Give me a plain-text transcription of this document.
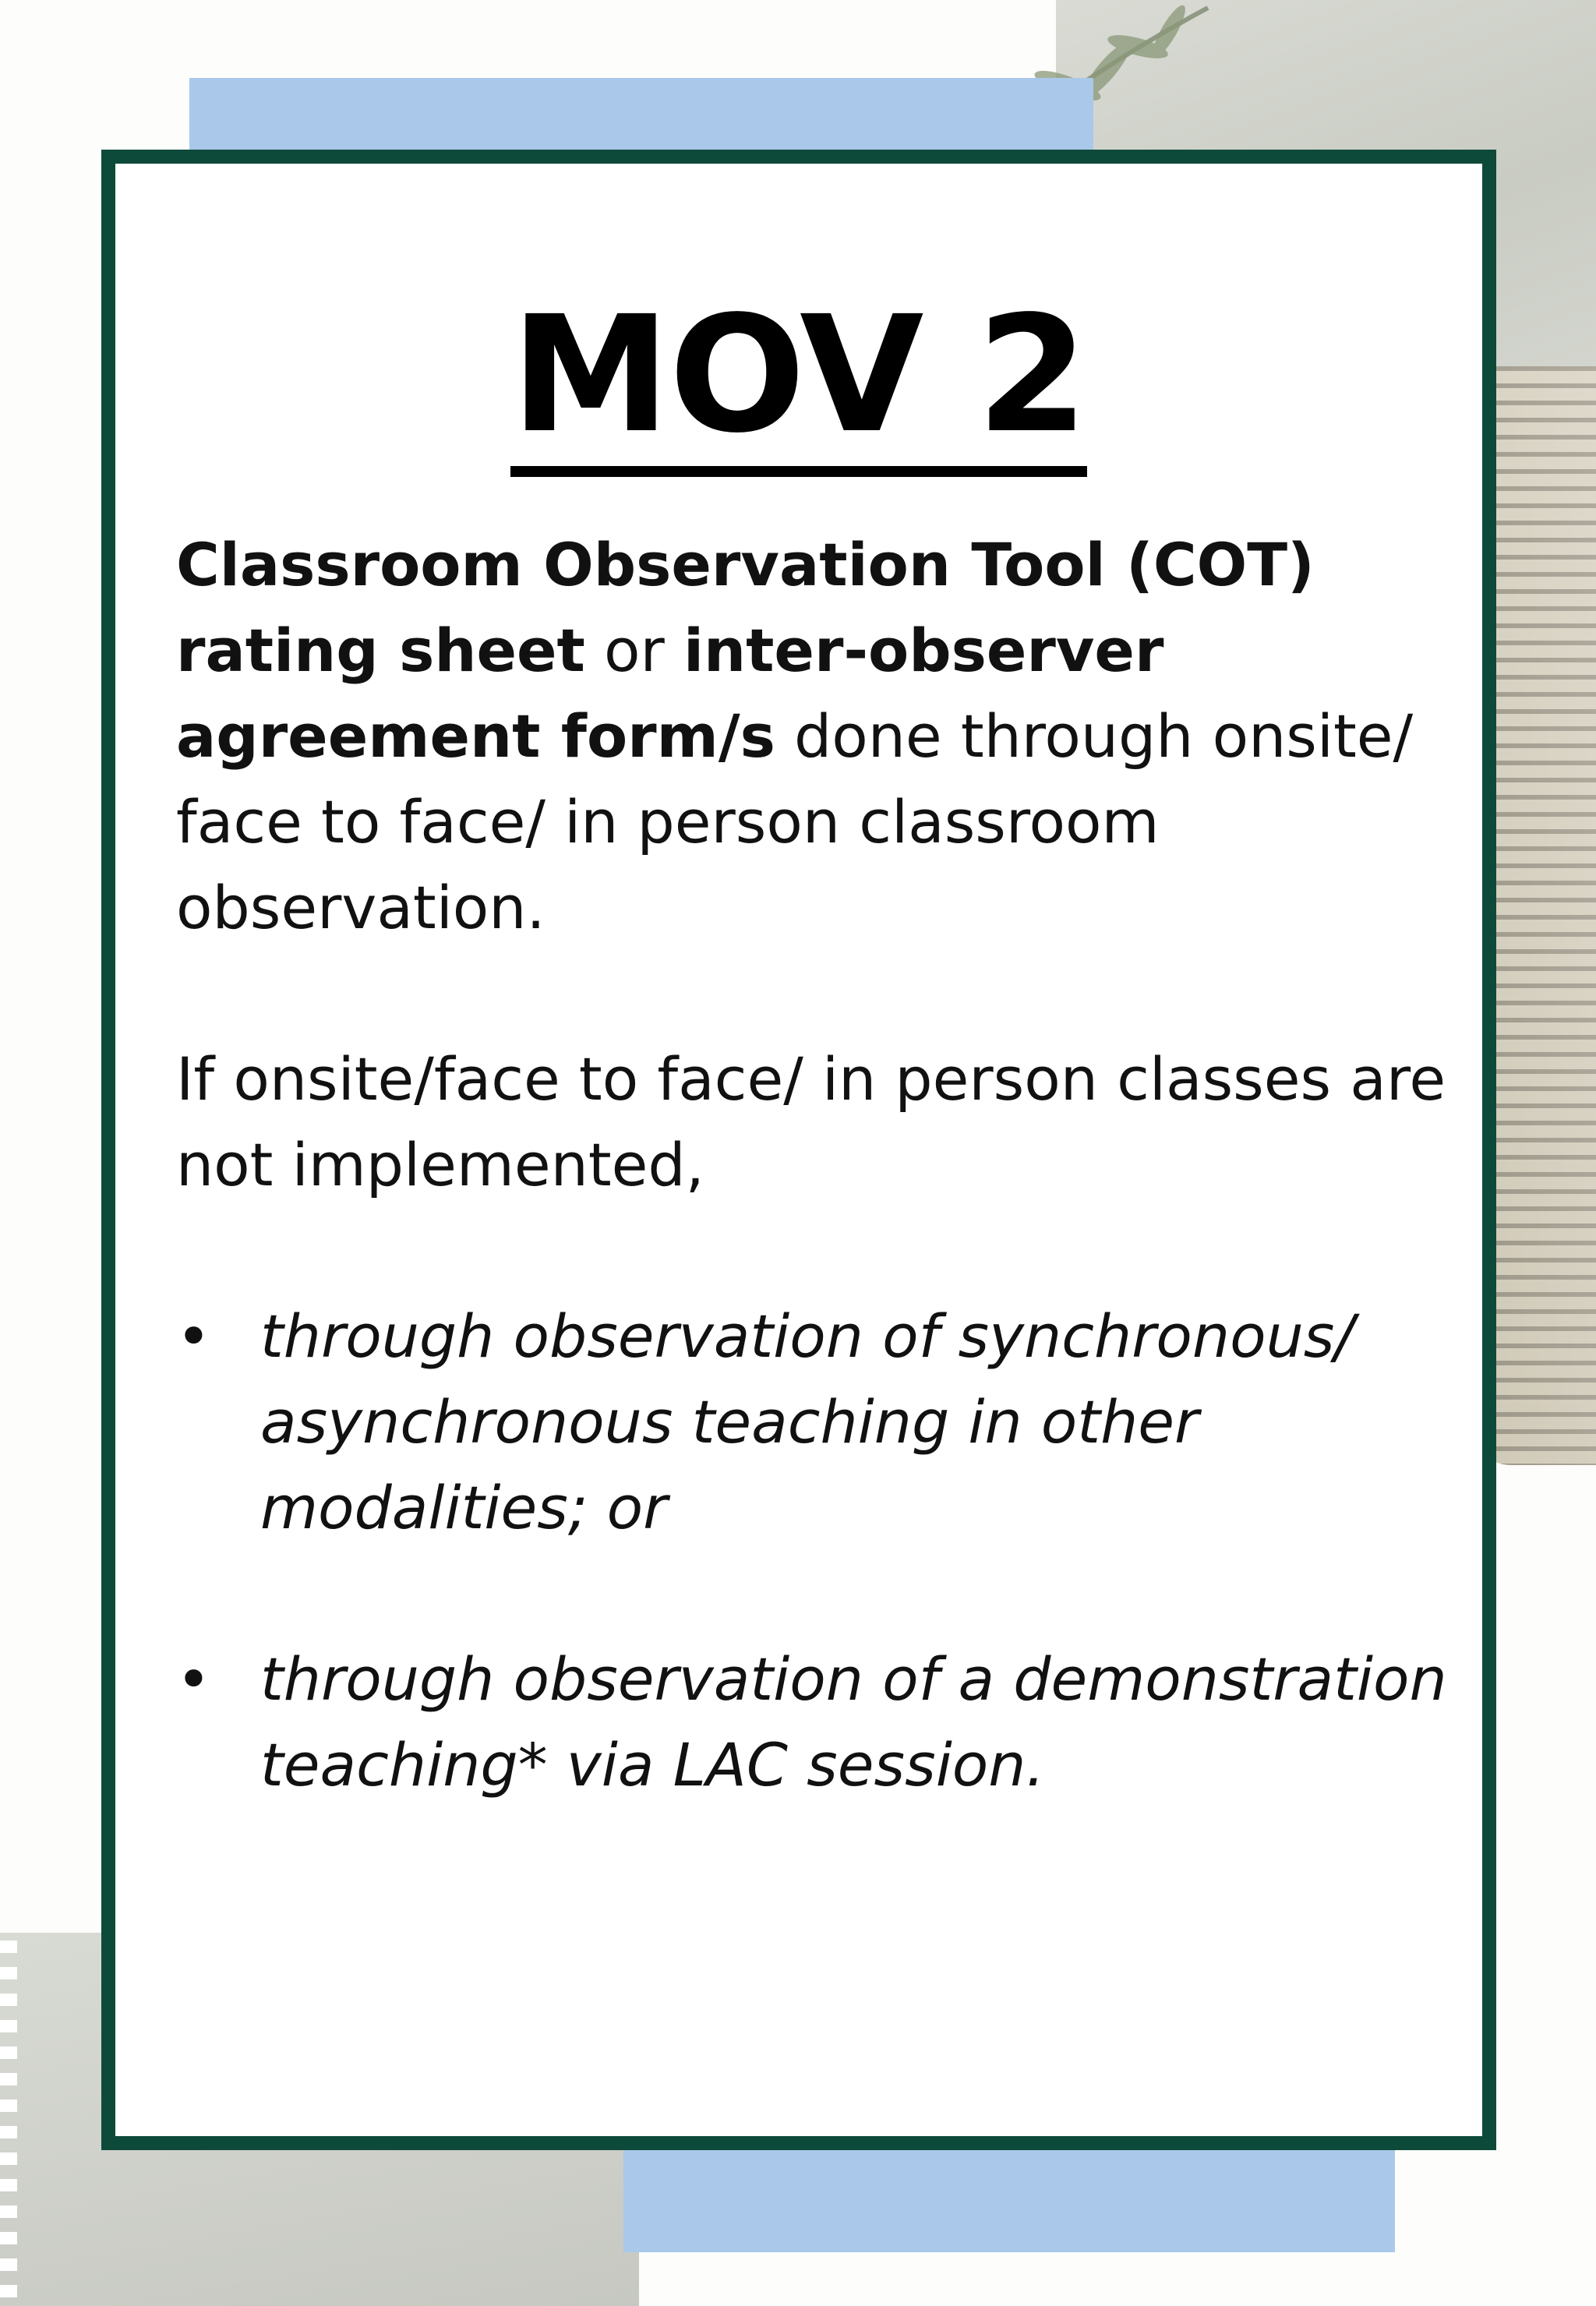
MOV 2

Classroom Observation Tool (COT) rating sheet or inter-observer agreement form/s done through onsite/ face to face/ in person classroom observation.

If onsite/face to face/ in person classes are not implemented,

• through observation of synchronous/ asynchronous teaching in other modalities; or
• through observation of a demonstration teaching* via LAC session.
